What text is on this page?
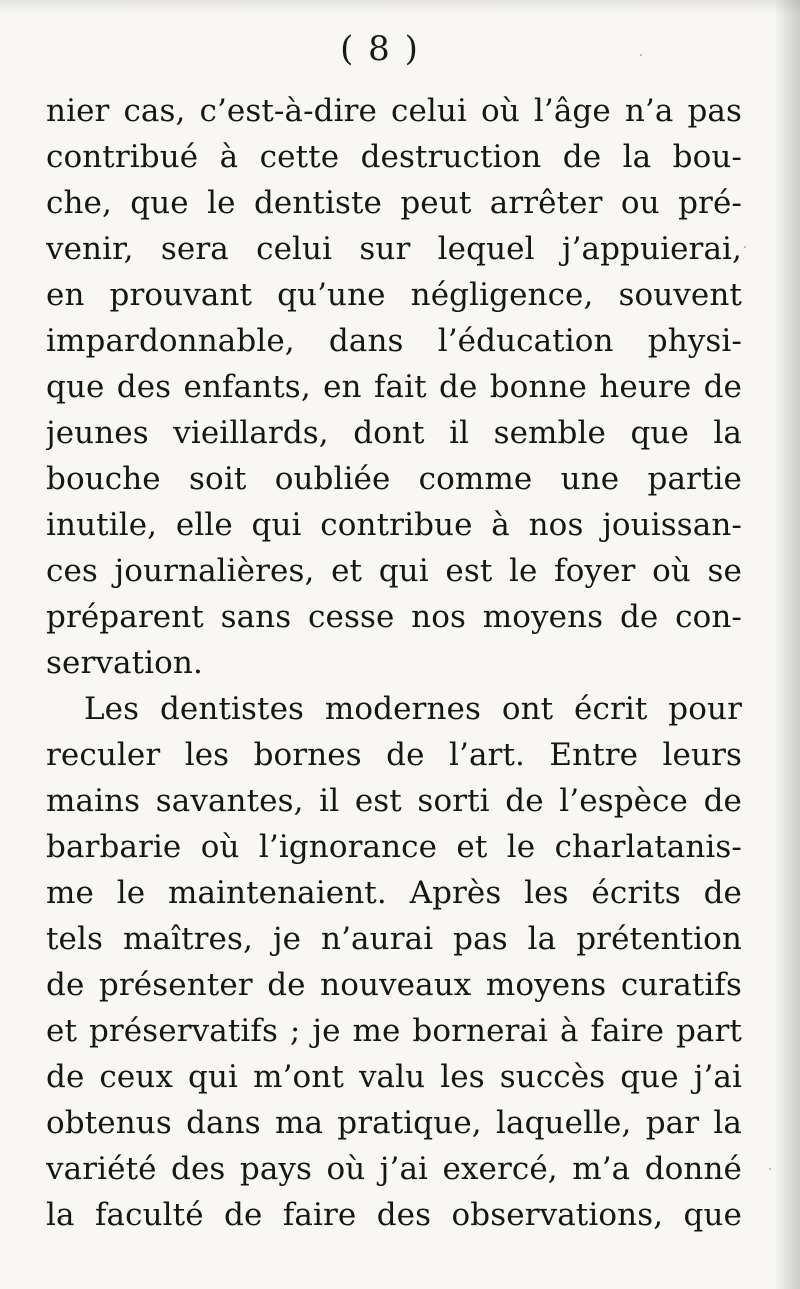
( 8 )
nier cas, c’est-à-dire celui où l’âge n’a pas
contribué à cette destruction de la bou-
che, que le dentiste peut arrêter ou pré-
venir, sera celui sur lequel j’appuierai,
en prouvant qu’une négligence, souvent
impardonnable, dans l’éducation physi-
que des enfants, en fait de bonne heure de
jeunes vieillards, dont il semble que la
bouche soit oubliée comme une partie
inutile, elle qui contribue à nos jouissan-
ces journalières, et qui est le foyer où se
préparent sans cesse nos moyens de con-
servation.
Les dentistes modernes ont écrit pour
reculer les bornes de l’art. Entre leurs
mains savantes, il est sorti de l’espèce de
barbarie où l’ignorance et le charlatanis-
me le maintenaient. Après les écrits de
tels maîtres, je n’aurai pas la prétention
de présenter de nouveaux moyens curatifs
et préservatifs ; je me bornerai à faire part
de ceux qui m’ont valu les succès que j’ai
obtenus dans ma pratique, laquelle, par la
variété des pays où j’ai exercé, m’a donné
la faculté de faire des observations, que
